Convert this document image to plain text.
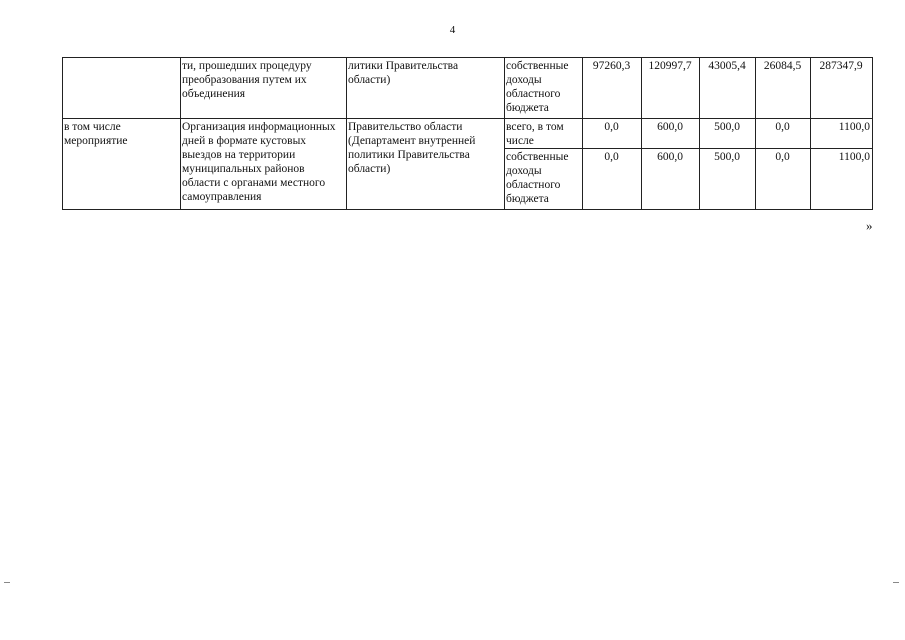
4
	ти, прошедших процедуру преобразования путем их объединения	литики Правительства области)	собственные доходы областного бюджета	97260,3	120997,7	43005,4	26084,5	287347,9
в том числе мероприятие	Организация информационных дней в формате кустовых выездов на территории муниципальных районов области с органами местного самоуправления	Правительство области (Департамент внутренней политики Правительства области)	всего, в том числе	0,0	600,0	500,0	0,0	1100,0
			собственные доходы областного бюджета	0,0	600,0	500,0	0,0	1100,0
»
